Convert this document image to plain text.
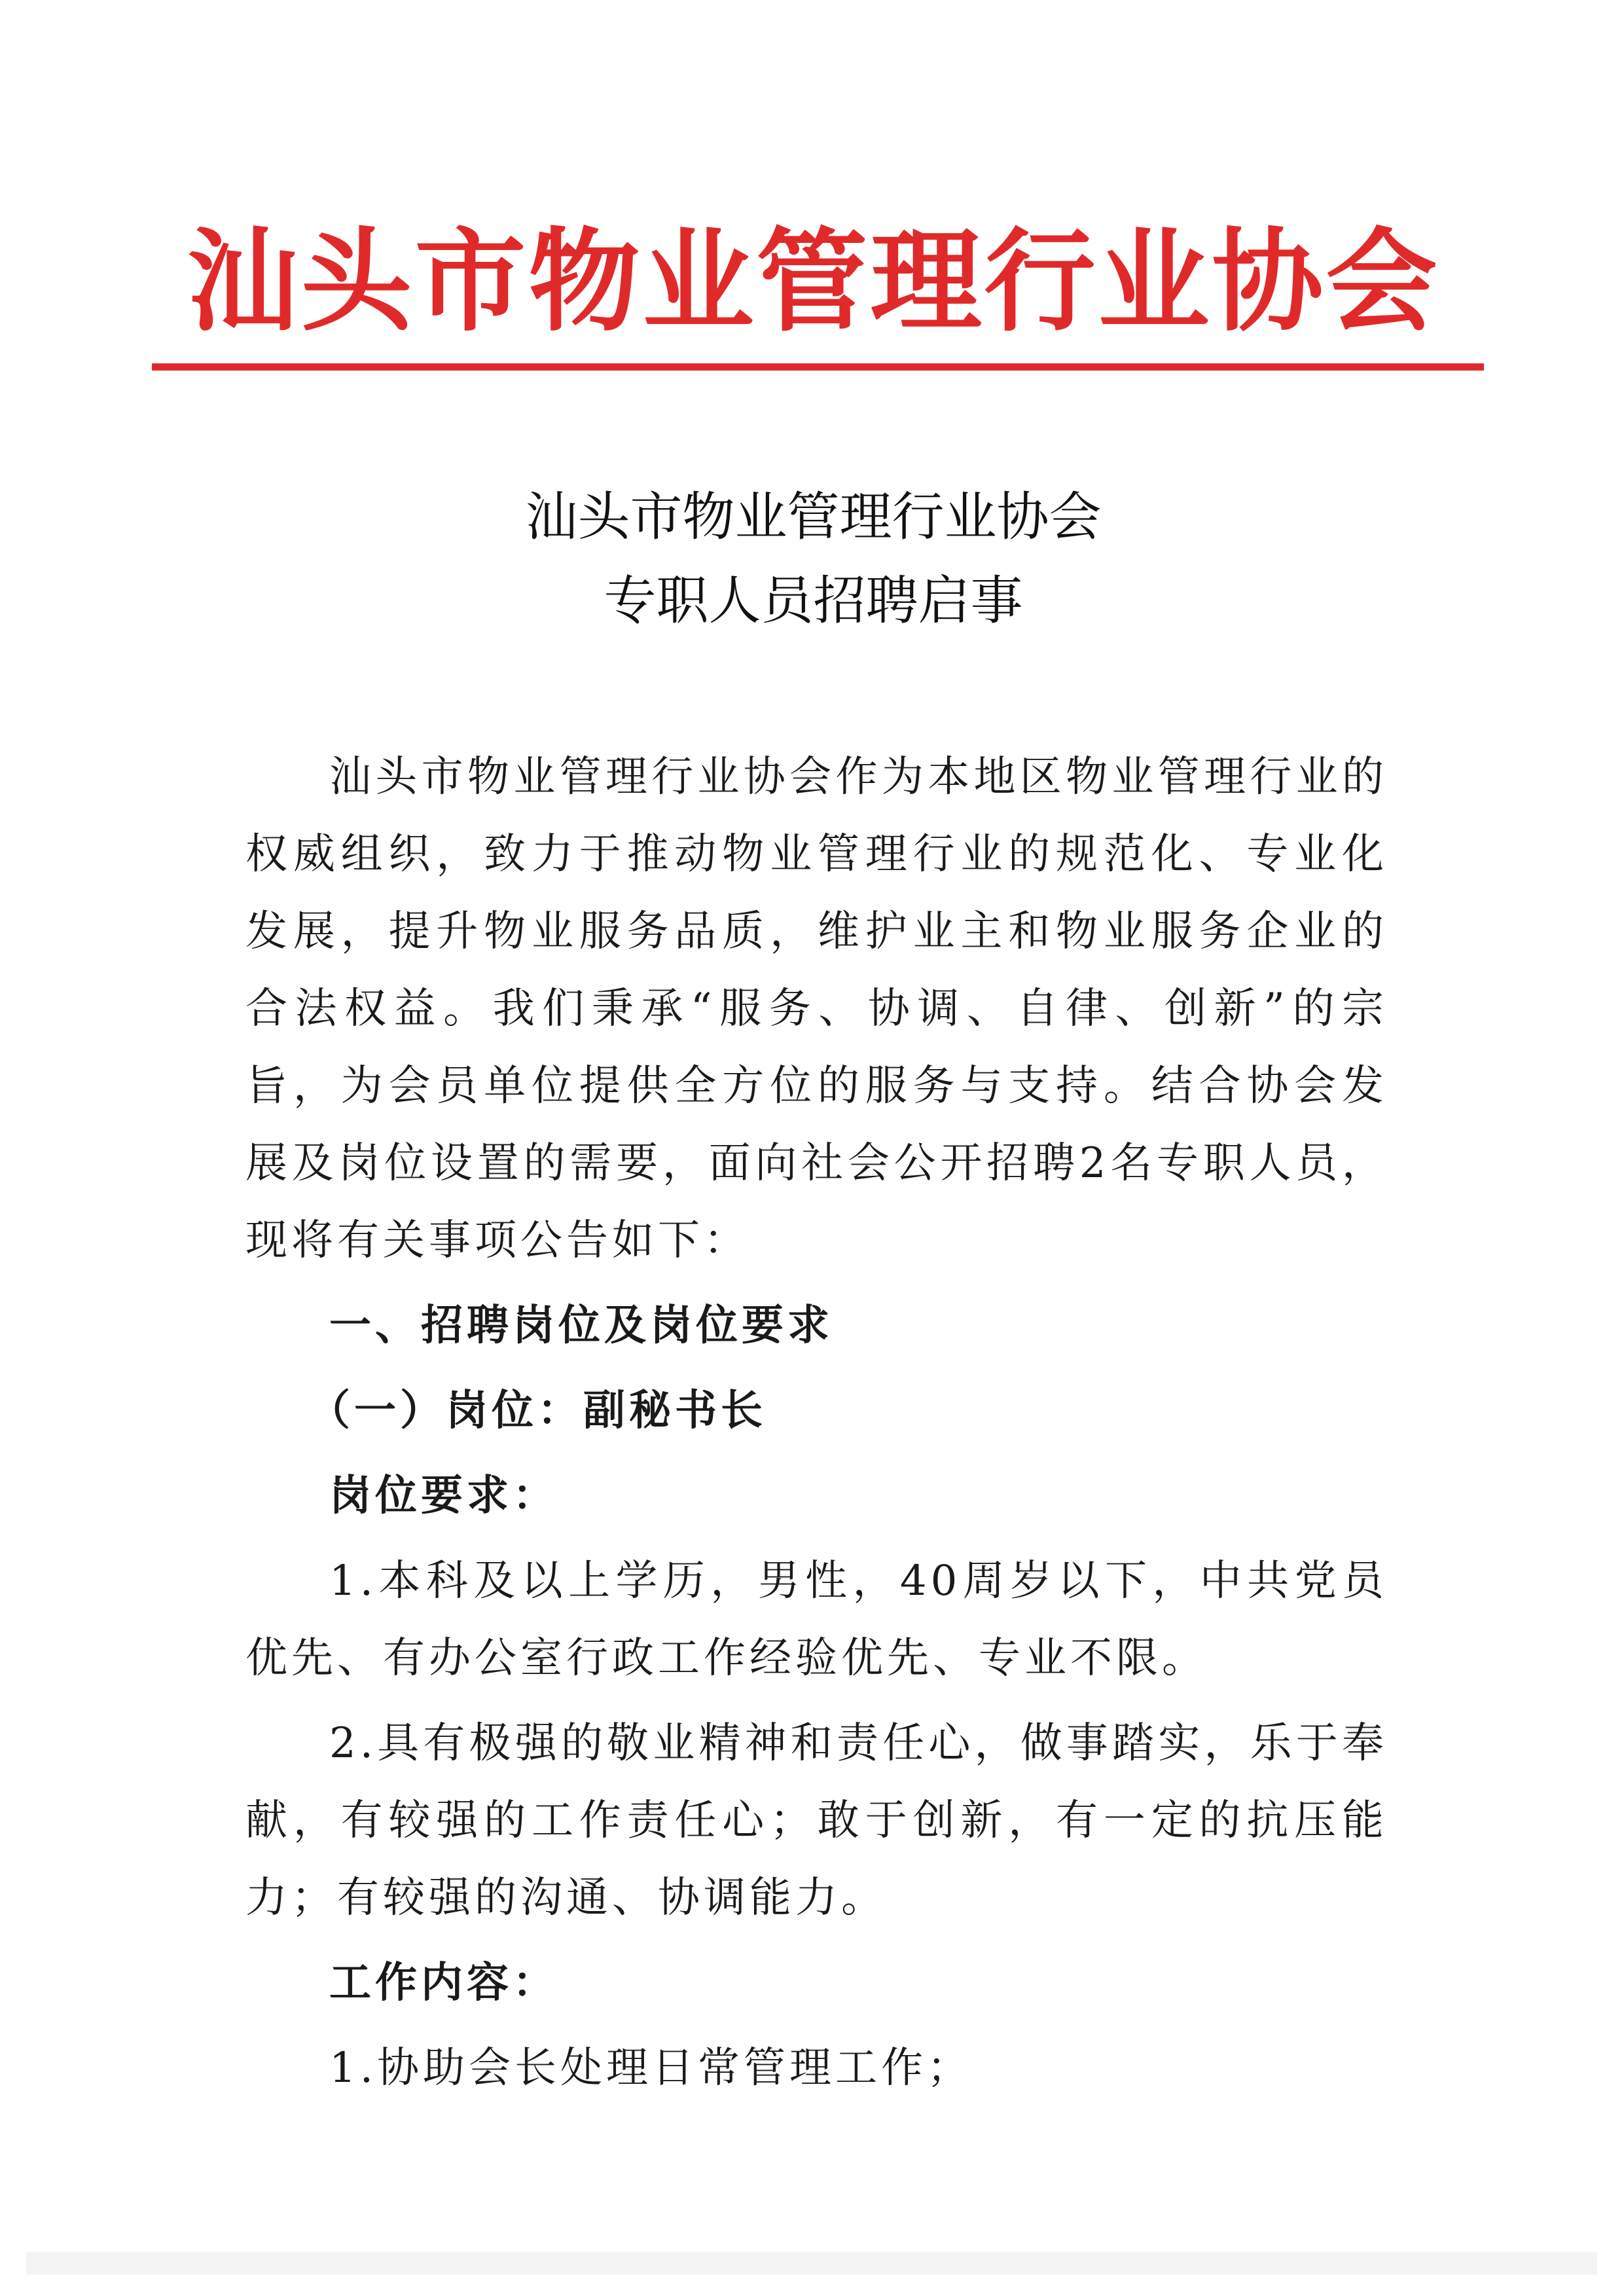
汕头市物业管理行业协会
汕头市物业管理行业协会
专职人员招聘启事

汕头市物业管理行业协会作为本地区物业管理行业的权威组织，致力于推动物业管理行业的规范化、专业化发展，提升物业服务品质，维护业主和物业服务企业的合法权益。我们秉承“服务、协调、自律、创新”的宗旨，为会员单位提供全方位的服务与支持。结合协会发展及岗位设置的需要，面向社会公开招聘2名专职人员，现将有关事项公告如下：

一、招聘岗位及岗位要求

（一）岗位：副秘书长

岗位要求：

1.本科及以上学历，男性，40周岁以下，中共党员优先、有办公室行政工作经验优先、专业不限。

2.具有极强的敬业精神和责任心，做事踏实，乐于奉献，有较强的工作责任心；敢于创新，有一定的抗压能力；有较强的沟通、协调能力。

工作内容：

1.协助会长处理日常管理工作；
